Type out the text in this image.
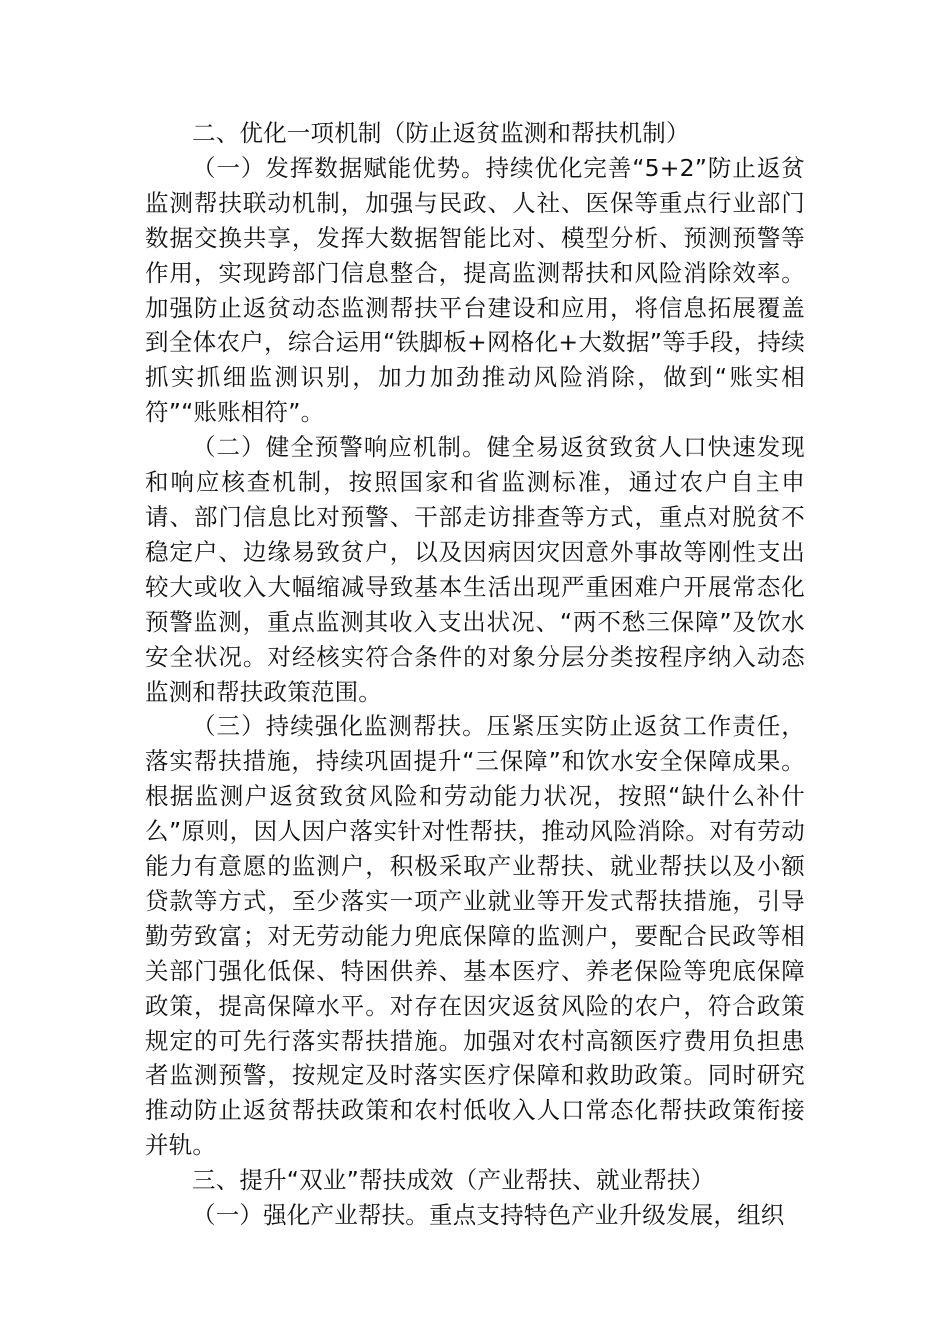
二、优化一项机制（防止返贫监测和帮扶机制）

（一）发挥数据赋能优势。持续优化完善“5+2”防止返贫监测帮扶联动机制，加强与民政、人社、医保等重点行业部门数据交换共享，发挥大数据智能比对、模型分析、预测预警等作用，实现跨部门信息整合，提高监测帮扶和风险消除效率。加强防止返贫动态监测帮扶平台建设和应用，将信息拓展覆盖到全体农户，综合运用“铁脚板+网格化+大数据”等手段，持续抓实抓细监测识别，加力加劲推动风险消除，做到“账实相符”“账账相符”。

（二）健全预警响应机制。健全易返贫致贫人口快速发现和响应核查机制，按照国家和省监测标准，通过农户自主申请、部门信息比对预警、干部走访排查等方式，重点对脱贫不稳定户、边缘易致贫户，以及因病因灾因意外事故等刚性支出较大或收入大幅缩减导致基本生活出现严重困难户开展常态化预警监测，重点监测其收入支出状况、“两不愁三保障”及饮水安全状况。对经核实符合条件的对象分层分类按程序纳入动态监测和帮扶政策范围。

（三）持续强化监测帮扶。压紧压实防止返贫工作责任，落实帮扶措施，持续巩固提升“三保障”和饮水安全保障成果。根据监测户返贫致贫风险和劳动能力状况，按照“缺什么补什么”原则，因人因户落实针对性帮扶，推动风险消除。对有劳动能力有意愿的监测户，积极采取产业帮扶、就业帮扶以及小额贷款等方式，至少落实一项产业就业等开发式帮扶措施，引导勤劳致富；对无劳动能力兜底保障的监测户，要配合民政等相关部门强化低保、特困供养、基本医疗、养老保险等兜底保障政策，提高保障水平。对存在因灾返贫风险的农户，符合政策规定的可先行落实帮扶措施。加强对农村高额医疗费用负担患者监测预警，按规定及时落实医疗保障和救助政策。同时研究推动防止返贫帮扶政策和农村低收入人口常态化帮扶政策衔接并轨。

三、提升“双业”帮扶成效（产业帮扶、就业帮扶）

（一）强化产业帮扶。重点支持特色产业升级发展，组织
